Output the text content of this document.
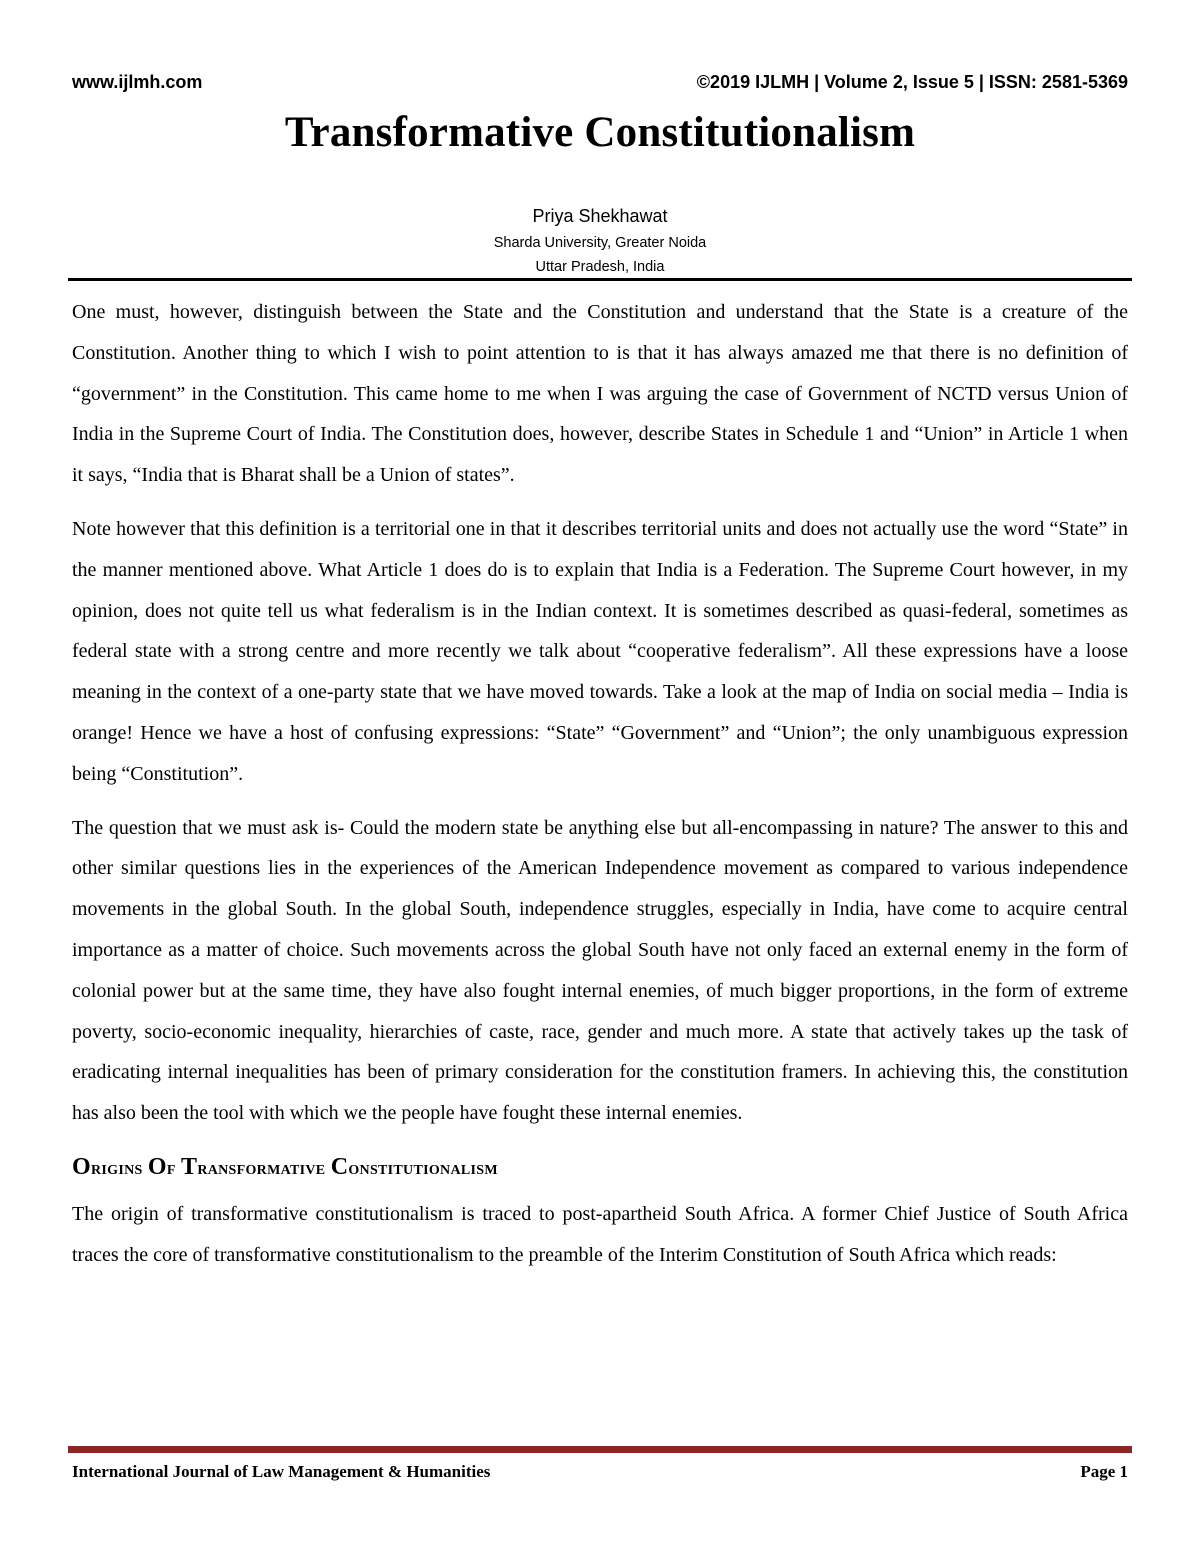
www.ijlmh.com	©2019 IJLMH | Volume 2, Issue 5 | ISSN: 2581-5369
Transformative Constitutionalism
Priya Shekhawat
Sharda University, Greater Noida
Uttar Pradesh, India

One must, however, distinguish between the State and the Constitution and understand that the State is a creature of the Constitution. Another thing to which I wish to point attention to is that it has always amazed me that there is no definition of “government” in the Constitution. This came home to me when I was arguing the case of Government of NCTD versus Union of India in the Supreme Court of India. The Constitution does, however, describe States in Schedule 1 and “Union” in Article 1 when it says, “India that is Bharat shall be a Union of states”.

Note however that this definition is a territorial one in that it describes territorial units and does not actually use the word “State” in the manner mentioned above. What Article 1 does do is to explain that India is a Federation. The Supreme Court however, in my opinion, does not quite tell us what federalism is in the Indian context. It is sometimes described as quasi-federal, sometimes as federal state with a strong centre and more recently we talk about “cooperative federalism”. All these expressions have a loose meaning in the context of a one-party state that we have moved towards. Take a look at the map of India on social media – India is orange! Hence we have a host of confusing expressions: “State” “Government” and “Union”; the only unambiguous expression being “Constitution”.

The question that we must ask is- Could the modern state be anything else but all-encompassing in nature? The answer to this and other similar questions lies in the experiences of the American Independence movement as compared to various independence movements in the global South. In the global South, independence struggles, especially in India, have come to acquire central importance as a matter of choice. Such movements across the global South have not only faced an external enemy in the form of colonial power but at the same time, they have also fought internal enemies, of much bigger proportions, in the form of extreme poverty, socio-economic inequality, hierarchies of caste, race, gender and much more. A state that actively takes up the task of eradicating internal inequalities has been of primary consideration for the constitution framers. In achieving this, the constitution has also been the tool with which we the people have fought these internal enemies.

Origins Of Transformative Constitutionalism

The origin of transformative constitutionalism is traced to post-apartheid South Africa. A former Chief Justice of South Africa traces the core of transformative constitutionalism to the preamble of the Interim Constitution of South Africa which reads:

International Journal of Law Management & Humanities	Page 1
